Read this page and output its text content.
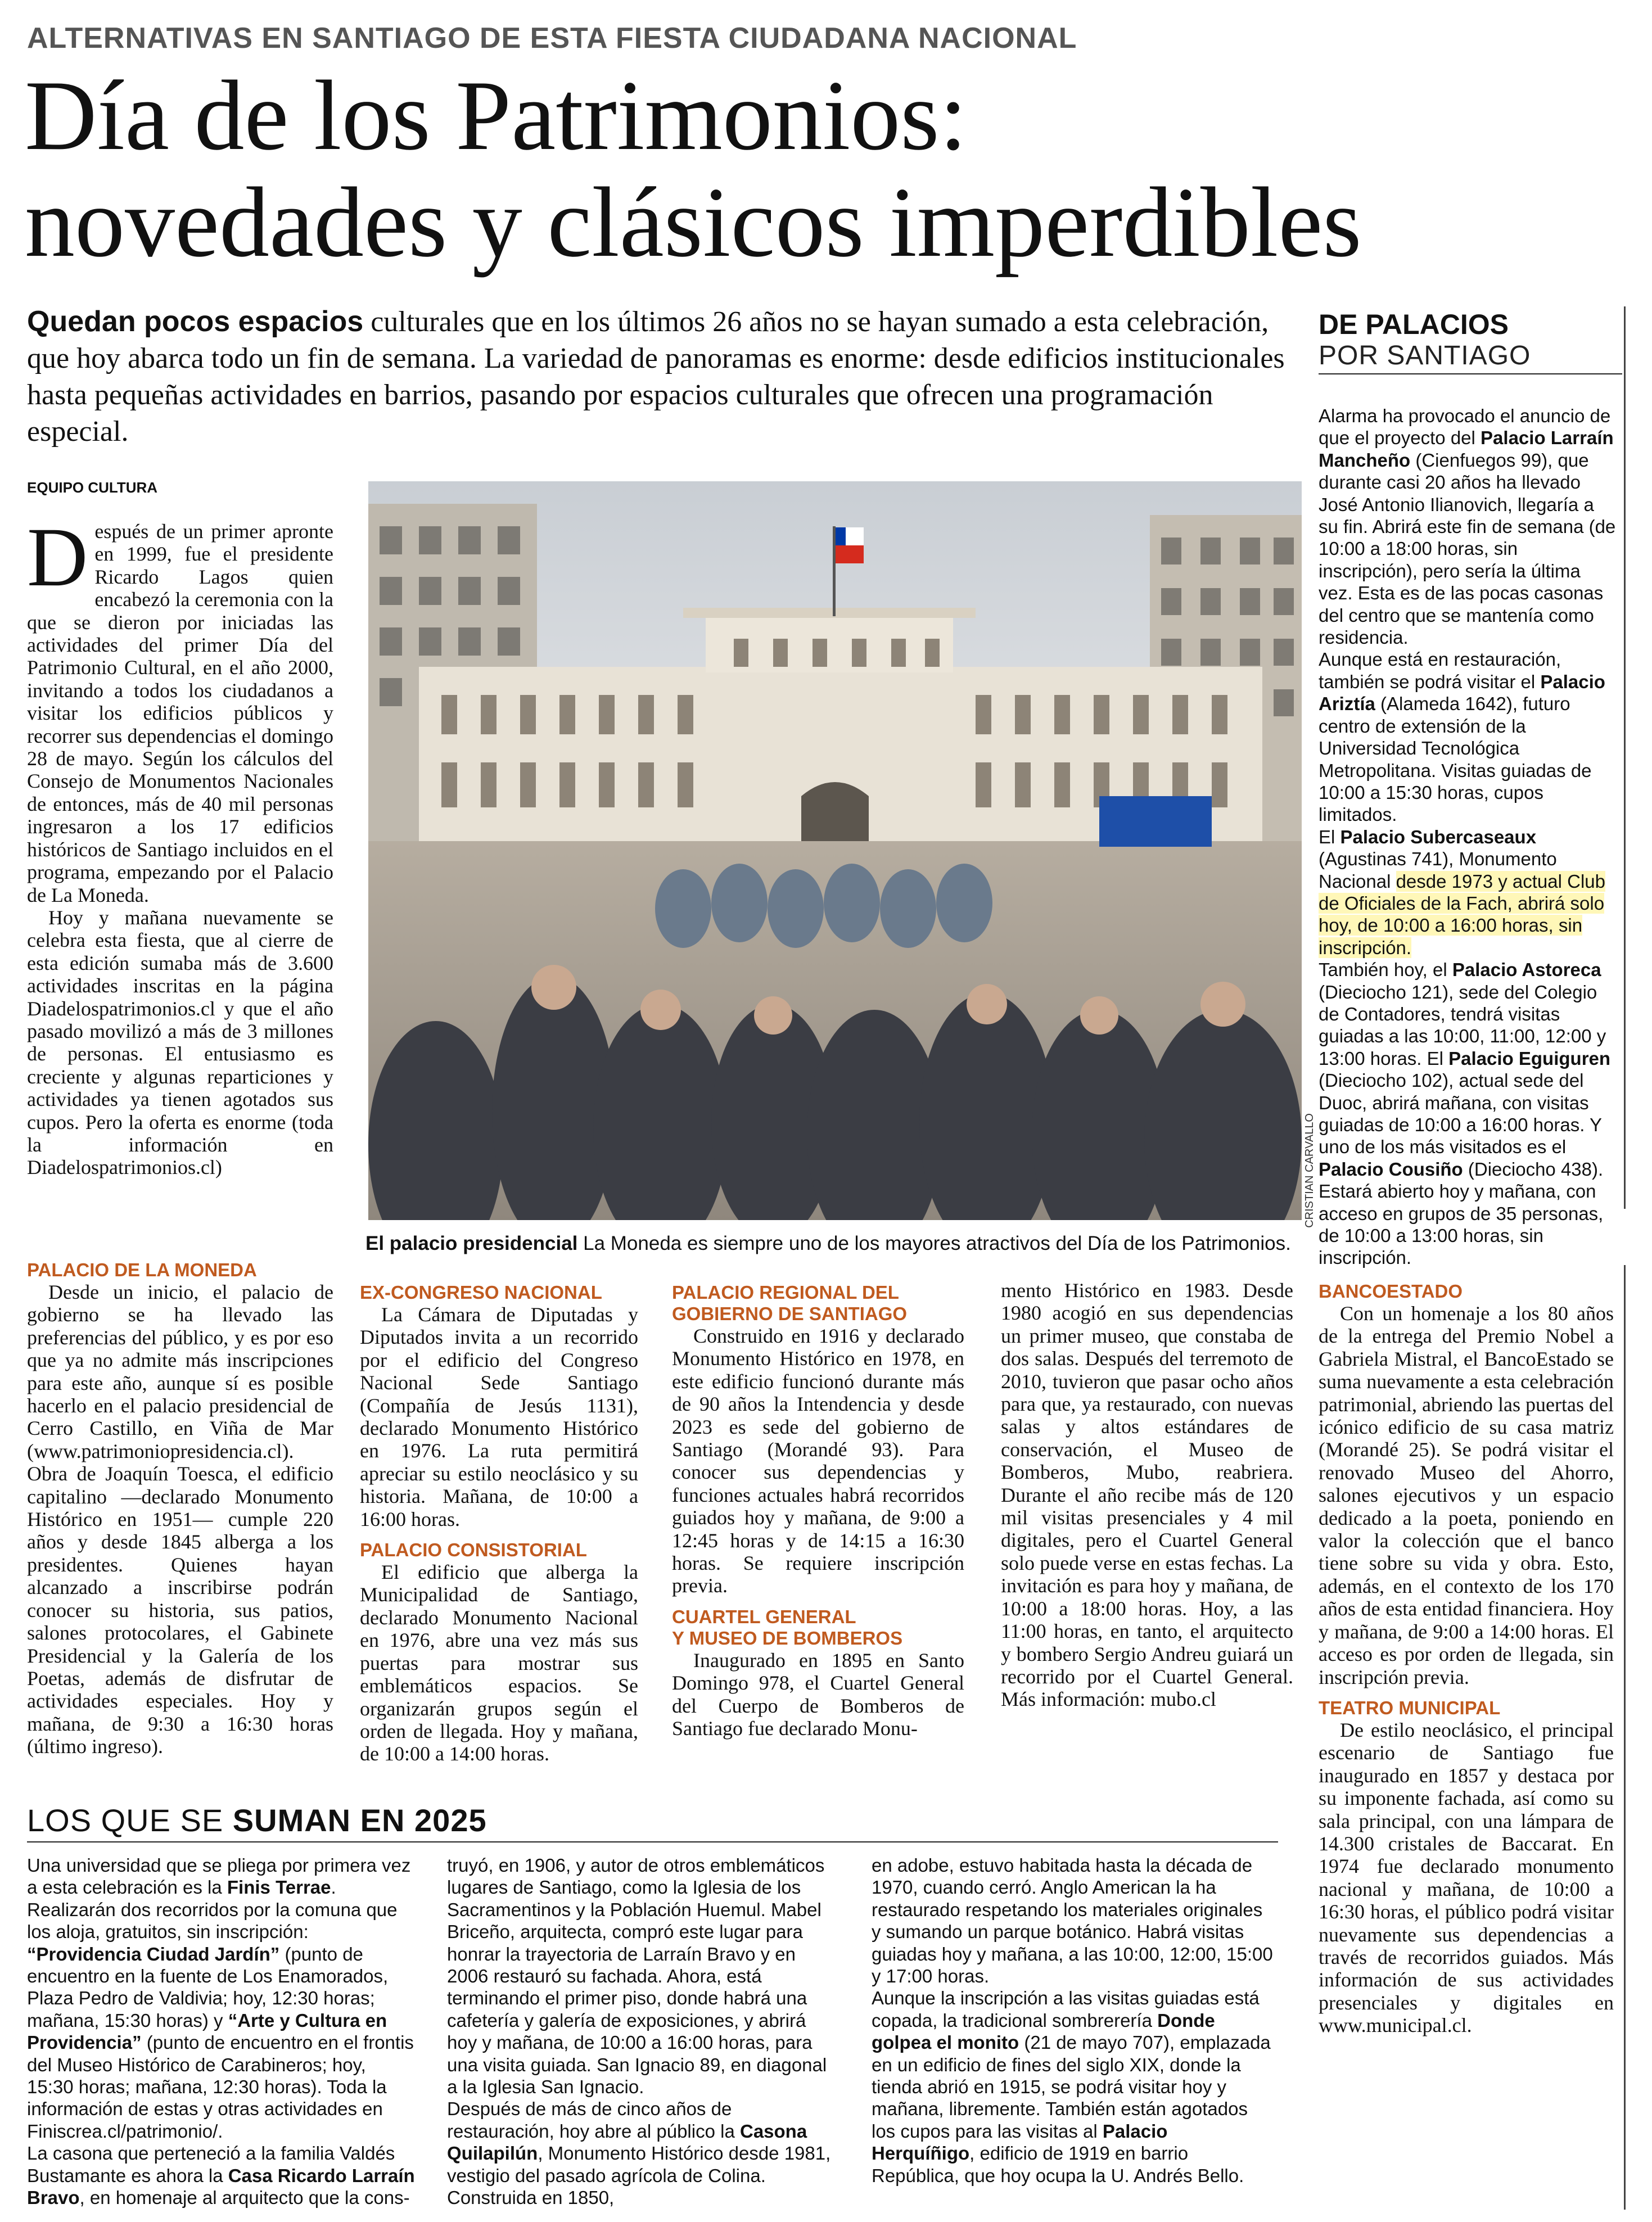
ALTERNATIVAS EN SANTIAGO DE ESTA FIESTA CIUDADANA NACIONAL
Día de los Patrimonios:
novedades y clásicos imperdibles
Quedan pocos espacios culturales que en los últimos 26 años no se hayan sumado a esta celebración, que hoy abarca todo un fin de semana. La variedad de panoramas es enorme: desde edificios institucionales hasta pequeñas actividades en barrios, pasando por espacios culturales que ofrecen una programación especial.
EQUIPO CULTURA

Después de un primer apronte en 1999, fue el presidente Ricardo Lagos quien encabezó la ceremonia con la que se dieron por iniciadas las actividades del primer Día del Patrimonio Cultural, en el año 2000, invitando a todos los ciudadanos a visitar los edificios públicos y recorrer sus dependencias el domingo 28 de mayo. Según los cálculos del Consejo de Monumentos Nacionales de entonces, más de 40 mil personas ingresaron a los 17 edificios históricos de Santiago incluidos en el programa, empezando por el Palacio de La Moneda.

Hoy y mañana nuevamente se celebra esta fiesta, que al cierre de esta edición sumaba más de 3.600 actividades inscritas en la página Diadelospatrimonios.cl y que el año pasado movilizó a más de 3 millones de personas. El entusiasmo es creciente y algunas reparticiones y actividades ya tienen agotados sus cupos. Pero la oferta es enorme (toda la información en Diadelospatrimonios.cl)

PALACIO DE LA MONEDA

Desde un inicio, el palacio de gobierno se ha llevado las preferencias del público, y es por eso que ya no admite más inscripciones para este año, aunque sí es posible hacerlo en el palacio presidencial de Cerro Castillo, en Viña de Mar (www.patrimoniopresidencia.cl). Obra de Joaquín Toesca, el edificio capitalino —declarado Monumento Histórico en 1951— cumple 220 años y desde 1845 alberga a los presidentes. Quienes hayan alcanzado a inscribirse podrán conocer su historia, sus patios, salones protocolares, el Gabinete Presidencial y la Galería de los Poetas, además de disfrutar de actividades especiales. Hoy y mañana, de 9:30 a 16:30 horas (último ingreso).

CRISTIAN CARVALLO
El palacio presidencial La Moneda es siempre uno de los mayores atractivos del Día de los Patrimonios.
EX-CONGRESO NACIONAL

La Cámara de Diputadas y Diputados invita a un recorrido por el edificio del Congreso Nacional Sede Santiago (Compañía de Jesús 1131), declarado Monumento Histórico en 1976. La ruta permitirá apreciar su estilo neoclásico y su historia. Mañana, de 10:00 a 16:00 horas.

PALACIO CONSISTORIAL

El edificio que alberga la Municipalidad de Santiago, declarado Monumento Nacional en 1976, abre una vez más sus puertas para mostrar sus emblemáticos espacios. Se organizarán grupos según el orden de llegada. Hoy y mañana, de 10:00 a 14:00 horas.

PALACIO REGIONAL DEL
GOBIERNO DE SANTIAGO

Construido en 1916 y declarado Monumento Histórico en 1978, en este edificio funcionó durante más de 90 años la Intendencia y desde 2023 es sede del gobierno de Santiago (Morandé 93). Para conocer sus dependencias y funciones actuales habrá recorridos guiados hoy y mañana, de 9:00 a 12:45 horas y de 14:15 a 16:30 horas. Se requiere inscripción previa.

CUARTEL GENERAL
Y MUSEO DE BOMBEROS

Inaugurado en 1895 en Santo Domingo 978, el Cuartel General del Cuerpo de Bomberos de Santiago fue declarado Monu-

mento Histórico en 1983. Desde 1980 acogió en sus dependencias un primer museo, que constaba de dos salas. Después del terremoto de 2010, tuvieron que pasar ocho años para que, ya restaurado, con nuevas salas y altos estándares de conservación, el Museo de Bomberos, Mubo, reabriera. Durante el año recibe más de 120 mil visitas presenciales y 4 mil digitales, pero el Cuartel General solo puede verse en estas fechas. La invitación es para hoy y mañana, de 10:00 a 18:00 horas. Hoy, a las 11:00 horas, en tanto, el arquitecto y bombero Sergio Andreu guiará un recorrido por el Cuartel General. Más información: mubo.cl

DE PALACIOS
POR SANTIAGO

Alarma ha provocado el anuncio de que el proyecto del Palacio Larraín Mancheño (Cienfuegos 99), que durante casi 20 años ha llevado José Antonio Ilianovich, llegaría a su fin. Abrirá este fin de semana (de 10:00 a 18:00 horas, sin inscripción), pero sería la última vez. Esta es de las pocas casonas del centro que se mantenía como residencia.

Aunque está en restauración, también se podrá visitar el Palacio Ariztía (Alameda 1642), futuro centro de extensión de la Universidad Tecnológica Metropolitana. Visitas guiadas de 10:00 a 15:30 horas, cupos limitados.

El Palacio Subercaseaux (Agustinas 741), Monumento Nacional desde 1973 y actual Club de Oficiales de la Fach, abrirá solo hoy, de 10:00 a 16:00 horas, sin inscripción.

También hoy, el Palacio Astoreca (Dieciocho 121), sede del Colegio de Contadores, tendrá visitas guiadas a las 10:00, 11:00, 12:00 y 13:00 horas. El Palacio Eguiguren (Dieciocho 102), actual sede del Duoc, abrirá mañana, con visitas guiadas de 10:00 a 16:00 horas. Y uno de los más visitados es el Palacio Cousiño (Dieciocho 438). Estará abierto hoy y mañana, con acceso en grupos de 35 personas, de 10:00 a 13:00 horas, sin inscripción.

BANCOESTADO

Con un homenaje a los 80 años de la entrega del Premio Nobel a Gabriela Mistral, el BancoEstado se suma nuevamente a esta celebración patrimonial, abriendo las puertas del icónico edificio de su casa matriz (Morandé 25). Se podrá visitar el renovado Museo del Ahorro, salones ejecutivos y un espacio dedicado a la poeta, poniendo en valor la colección que el banco tiene sobre su vida y obra. Esto, además, en el contexto de los 170 años de esta entidad financiera. Hoy y mañana, de 9:00 a 14:00 horas. El acceso es por orden de llegada, sin inscripción previa.

TEATRO MUNICIPAL

De estilo neoclásico, el principal escenario de Santiago fue inaugurado en 1857 y destaca por su imponente fachada, así como su sala principal, con una lámpara de 14.300 cristales de Baccarat. En 1974 fue declarado monumento nacional y mañana, de 10:00 a 16:30 horas, el público podrá visitar nuevamente sus dependencias a través de recorridos guiados. Más información de sus actividades presenciales y digitales en www.municipal.cl.

LOS QUE SE SUMAN EN 2025

Una universidad que se pliega por primera vez a esta celebración es la Finis Terrae. Realizarán dos recorridos por la comuna que los aloja, gratuitos, sin inscripción: “Providencia Ciudad Jardín” (punto de encuentro en la fuente de Los Enamorados, Plaza Pedro de Valdivia; hoy, 12:30 horas; mañana, 15:30 horas) y “Arte y Cultura en Providencia” (punto de encuentro en el frontis del Museo Histórico de Carabineros; hoy, 15:30 horas; mañana, 12:30 horas). Toda la información de estas y otras actividades en Finiscrea.cl/patrimonio/.

La casona que perteneció a la familia Valdés Bustamante es ahora la Casa Ricardo Larraín Bravo, en homenaje al arquitecto que la cons-

truyó, en 1906, y autor de otros emblemáticos lugares de Santiago, como la Iglesia de los Sacramentinos y la Población Huemul. Mabel Briceño, arquitecta, compró este lugar para honrar la trayectoria de Larraín Bravo y en 2006 restauró su fachada. Ahora, está terminando el primer piso, donde habrá una cafetería y galería de exposiciones, y abrirá hoy y mañana, de 10:00 a 16:00 horas, para una visita guiada. San Ignacio 89, en diagonal a la Iglesia San Ignacio.

Después de más de cinco años de restauración, hoy abre al público la Casona Quilapilún, Monumento Histórico desde 1981, vestigio del pasado agrícola de Colina. Construida en 1850,

en adobe, estuvo habitada hasta la década de 1970, cuando cerró. Anglo American la ha restaurado respetando los materiales originales y sumando un parque botánico. Habrá visitas guiadas hoy y mañana, a las 10:00, 12:00, 15:00 y 17:00 horas.

Aunque la inscripción a las visitas guiadas está copada, la tradicional sombrerería Donde golpea el monito (21 de mayo 707), emplazada en un edificio de fines del siglo XIX, donde la tienda abrió en 1915, se podrá visitar hoy y mañana, libremente. También están agotados los cupos para las visitas al Palacio Herquíñigo, edificio de 1919 en barrio República, que hoy ocupa la U. Andrés Bello.
